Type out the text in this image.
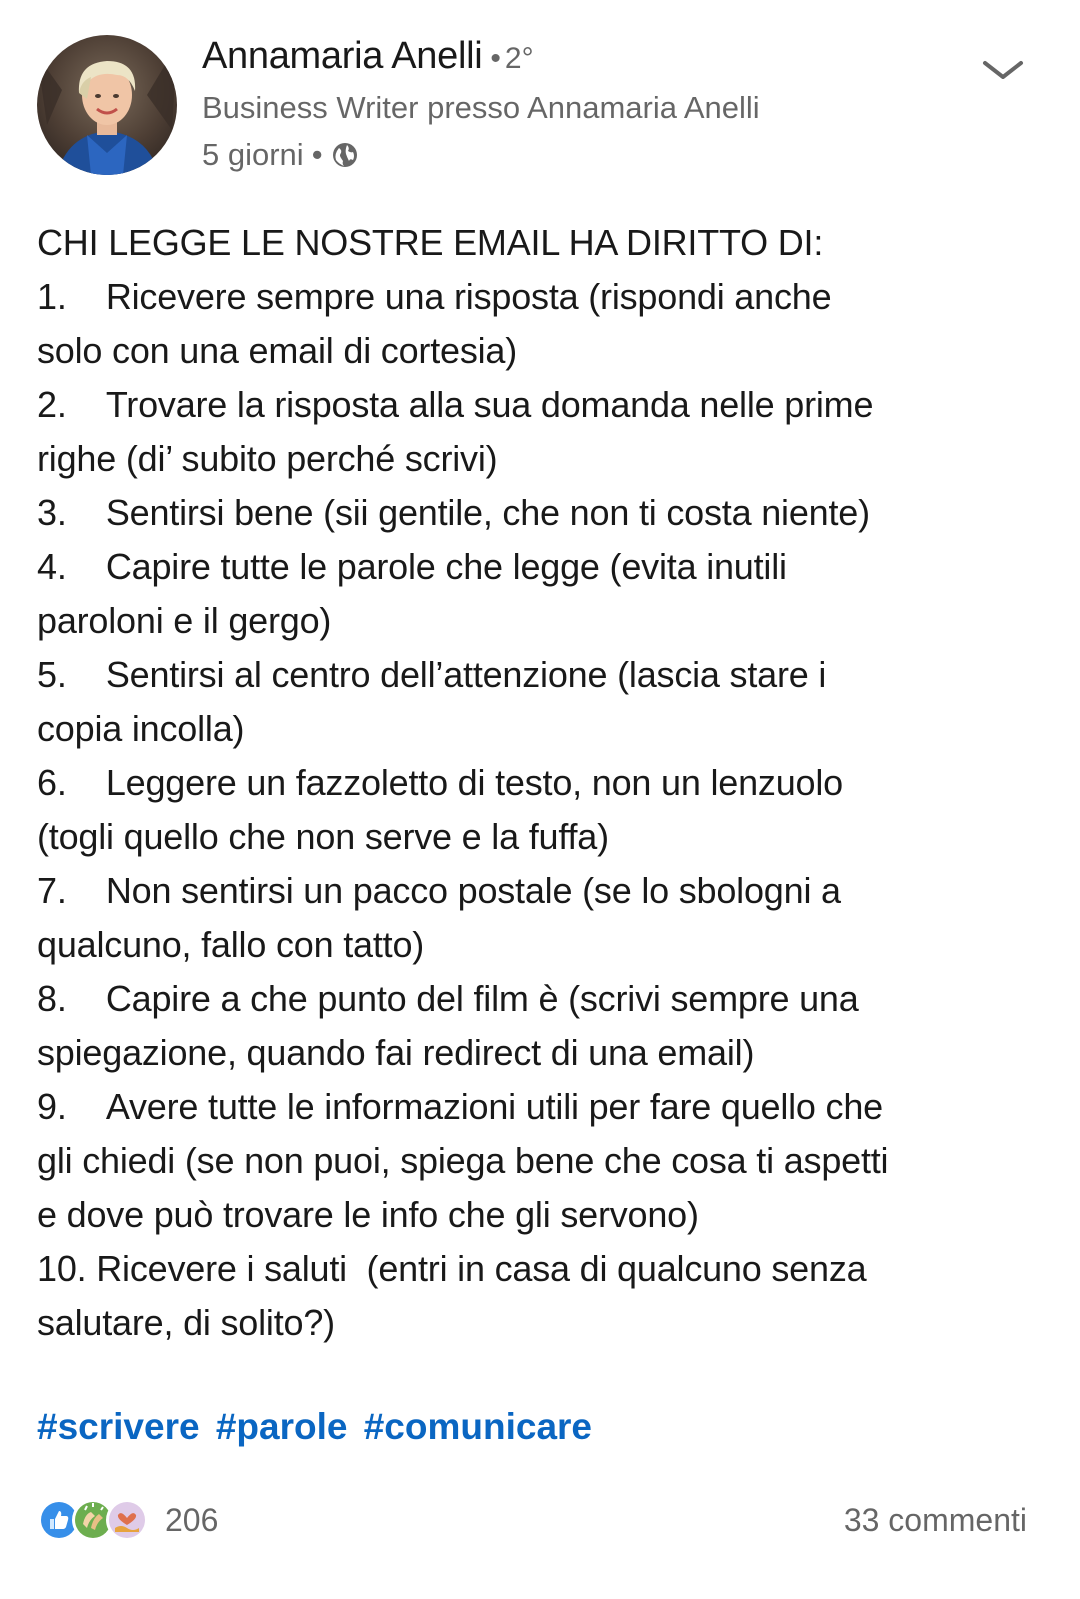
Annamaria Anelli • 2°
Business Writer presso Annamaria Anelli
5 giorni •

CHI LEGGE LE NOSTRE EMAIL HA DIRITTO DI:

1.    Ricevere sempre una risposta (rispondi anche

solo con una email di cortesia)

2.    Trovare la risposta alla sua domanda nelle prime

righe (di’ subito perché scrivi)

3.    Sentirsi bene (sii gentile, che non ti costa niente)

4.    Capire tutte le parole che legge (evita inutili

paroloni e il gergo)

5.    Sentirsi al centro dell’attenzione (lascia stare i

copia incolla)

6.    Leggere un fazzoletto di testo, non un lenzuolo

(togli quello che non serve e la fuffa)

7.    Non sentirsi un pacco postale (se lo sbologni a

qualcuno, fallo con tatto)

8.    Capire a che punto del film è (scrivi sempre una

spiegazione, quando fai redirect di una email)

9.    Avere tutte le informazioni utili per fare quello che

gli chiedi (se non puoi, spiega bene che cosa ti aspetti

e dove può trovare le info che gli servono)

10. Ricevere i saluti  (entri in casa di qualcuno senza

salutare, di solito?)

#scrivere #parole #comunicare
206	33 commenti
